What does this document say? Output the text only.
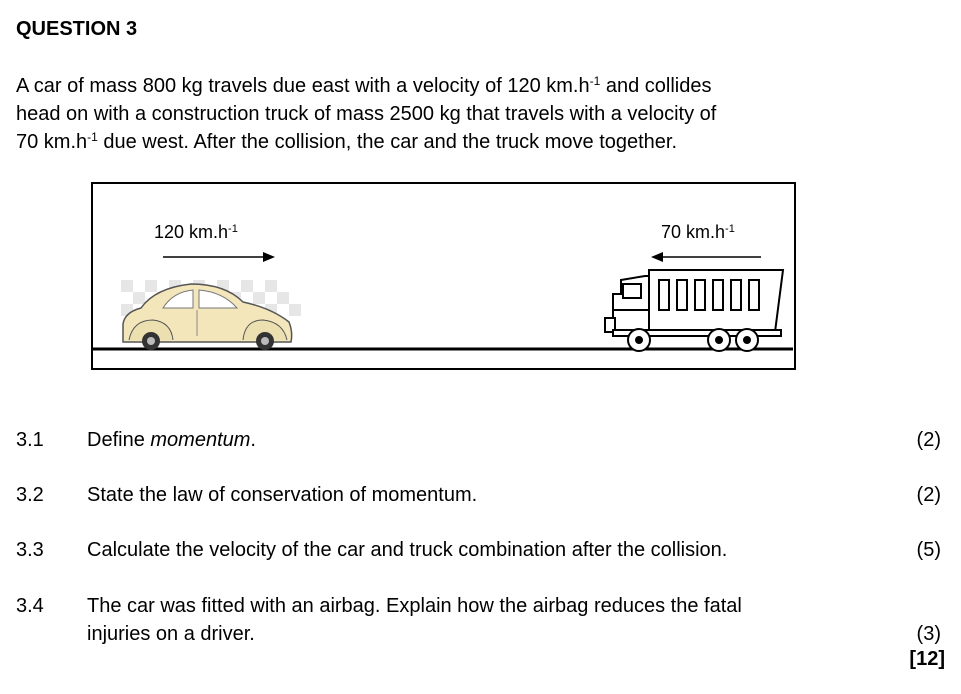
QUESTION 3
A car of mass 800 kg travels due east with a velocity of 120 $km.h^{-1}$ and collides
head on with a construction truck of mass 2500 kg that travels with a velocity of
70 $km.h^{-1}$ due west. After the collision, the car and the truck move together.
120 $km.h^{-1}$	70 $km.h^{-1}$
3.1 Define momentum.	(2)
3.2 State the law of conservation of momentum.	(2)
3.3 Calculate the velocity of the car and truck combination after the collision.	(5)
3.4 The car was fitted with an airbag. Explain how the airbag reduces the fatal
injuries on a driver.	(3)
[12]
